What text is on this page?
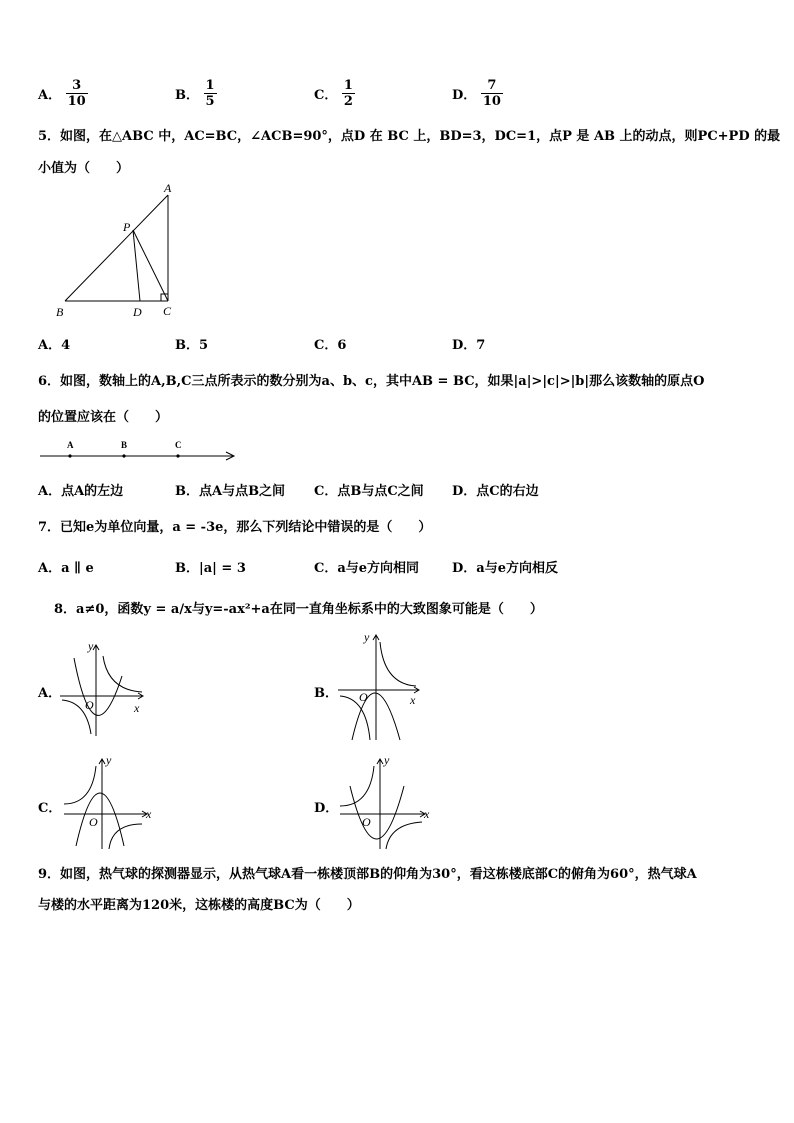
A． $\frac{3}{10}$	B． $\frac{1}{5}$	C． $\frac{1}{2}$	D． $\frac{7}{10}$
5．如图，在△ABC 中，AC=BC，∠ACB=90°，点D 在 BC 上，BD=3，DC=1，点P 是 AB 上的动点，则PC+PD 的最
小值为（　　）
A
B	C
D
P
A．4	B．5	C．6	D．7
6．如图，数轴上的A,B,C三点所表示的数分别为a、b、c，其中AB = BC，如果|a|>|c|>|b|那么该数轴的原点O
的位置应该在（　　）
A	B	C
A．点A的左边	B．点A与点B之间 C．点B与点C之间 D．点C的右边
7．已知e为单位向量，a = -3e，那么下列结论中错误的是（　　）
A．a ∥ e	B．|a| = 3	C．a与e方向相同	D．a与e方向相反
8．a≠0，函数y = a/x与y=-ax²+a在同一直角坐标系中的大致图象可能是（　　）
A．
x
y
O
B．	x
y
O
C．	x
y
O
D．	x
y
O
9．如图，热气球的探测器显示，从热气球A看一栋楼顶部B的仰角为30°，看这栋楼底部C的俯角为60°，热气球A
与楼的水平距离为120米，这栋楼的高度BC为（　　）
